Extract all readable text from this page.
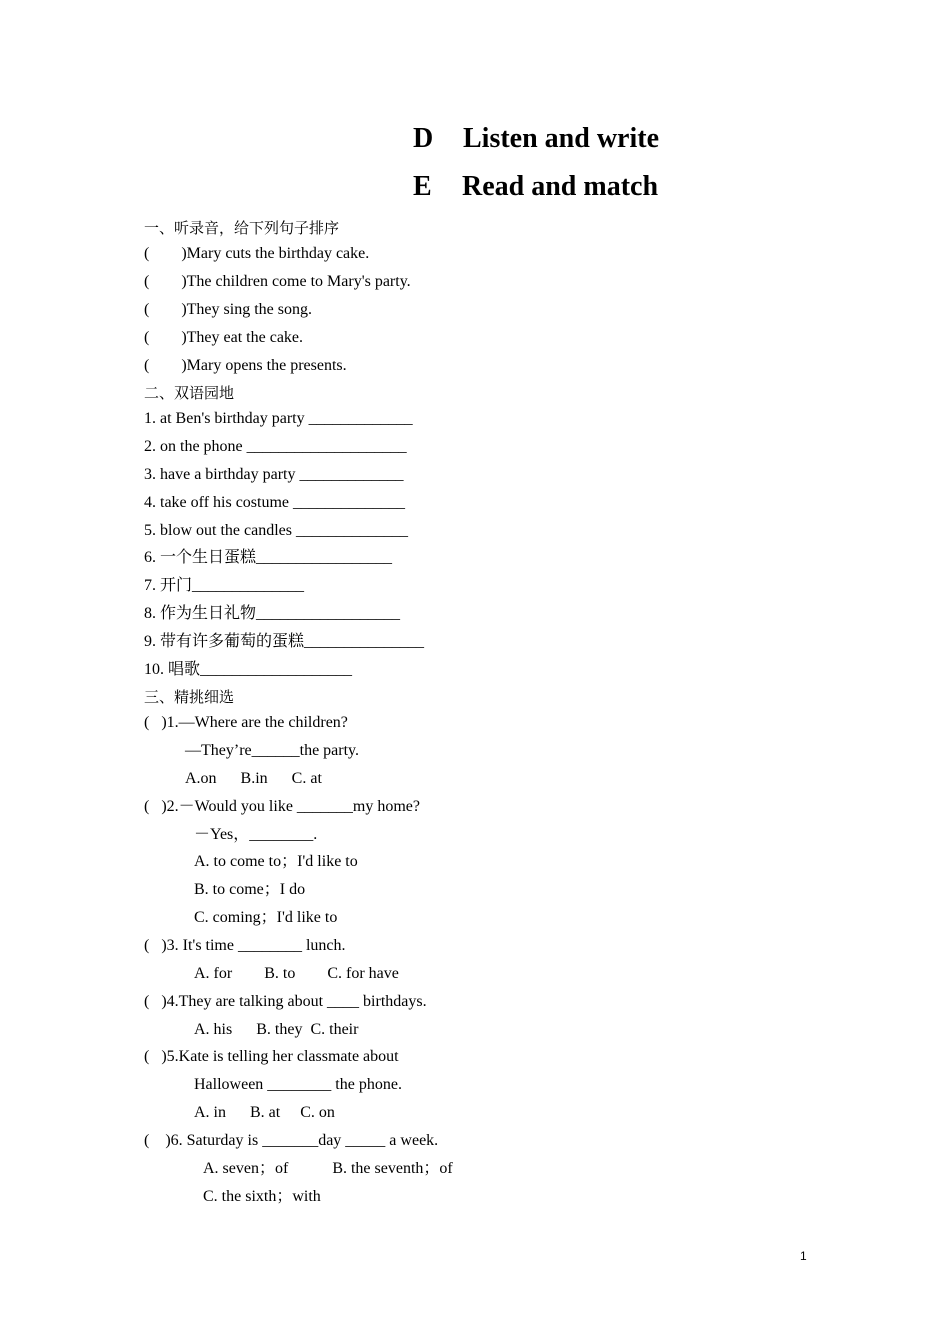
D Listen and write
E Read and match
一、听录音，给下列句子排序
(        )Mary cuts the birthday cake.
(        )The children come to Mary's party.
(        )They sing the song.
(        )They eat the cake.
(        )Mary opens the presents.
二、双语园地
1. at Ben's birthday party _____________
2. on the phone ____________________
3. have a birthday party _____________
4. take off his costume ______________
5. blow out the candles ______________
6. 一个生日蛋糕_________________
7. 开门______________
8. 作为生日礼物__________________
9. 带有许多葡萄的蛋糕_______________
10. 唱歌___________________
三、精挑细选
(   )1.—Where are the children?
—They’re______the party.
A.on      B.in      C. at
(   )2.－Would you like _______my home?
－Yes，________.
A. to come to；I'd like to
B. to come；I do
C. coming；I'd like to
(   )3. It's time ________ lunch.
A. for        B. to        C. for have
(   )4.They are talking about ____ birthdays.
A. his      B. they  C. their
(   )5.Kate is telling her classmate about
Halloween ________ the phone.
A. in      B. at     C. on
(    )6. Saturday is _______day _____ a week.
A. seven；of           B. the seventh；of
C. the sixth；with
1
